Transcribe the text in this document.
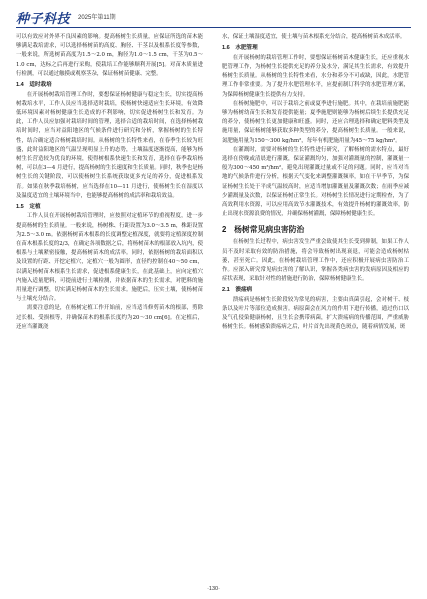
种子科技 2025年第11期
可以有效应对外界不良因素的影响。提高杨树生长质量，应保证所选的苗木能够满足栽培需求，可以选择杨树苗的高度、胸径、干茎以及根系长度等参数，一般来说，所选树苗高度为1.5～2.0 m，胸径为1.0～1.5 cm，干茎为0.5～1.0 cm，达标之后再进行采购，使栽培工作能够顺利开展[5]。对苗木质量进行检测，可以通过触摸或观察茎杂，保证杨树苗健康、完整。
1.4　适时栽培
在开展杨树栽培管理工作时，要想保证杨树健康与稳定生长，切实提高杨树栽培水平，工作人员应当选择适时栽培，使杨树快速适应生长环境，有效降低环境因素对杨树健康生长造成的不利影响，切实促进杨树生长和发育。为此，工作人员应加强对栽培时间的管理，选择合适的栽培时间，在选择杨树栽培时间时，应当对益阳地区的气候条件进行研究和分析，掌握杨树的生长特性，结合确定适合杨树栽培时间。从杨树的生长特性来看，在春季生长较为旺盛，此时益阳地区的气温呈现明显上升的态势，土壤温度逐渐提高，能够为杨树生长营造较为优良的环境，使得树根系快速生长和发育，选择在春季栽培杨树，可以在3—4 月进行，提高杨树的生长速度和生长质量。同时，秋季也是杨树生长的关键阶段，可以使杨树生长系统获取更多充足的养分，促进根系发育。如果在秋季栽培杨树，应当选择在10—11 月进行，使杨树生长在湿度以及温度适宜的土壤环境当中，也能够提高杨树的成活率和栽培效益。
1.5　定植
工作人员在开展杨树栽培管理时，应按照对定植环节的重视程度，进一步提高杨树的生长质量。一般来说，杨树株、行距设置为3.0～3.5 m，株距设置为2.5～3.0 m。依据杨树苗木根系的长度调整定植深度，就要将定植深度控制在苗木根系长度的2/3，在确定各项数据之后，将杨树苗木的根部放入坑内，使根系与土壤紧密接触，提高杨树苗木的成活率。同时，依据杨树的栽培面积以及设置的行距、开挖定植穴，定植穴一般为圆形，直径约控制在40～50 cm，以满足杨树苗木根系生长需求，促进根系健康生长，在此基础上，应向定植穴内施入适量肥料，可提前进行土壤检测，并依据苗木的生长需求，对肥料的施用量进行调整，切实满足杨树苗木的生长需求。施肥后，压实土壤，使杨树苗与土壤充分结合。
需要注意的是，在杨树定植工作开始前，应当适当修剪苗木的根部，剪除过长根、受损根等，并确保苗木的根系长度约为20～30 cm[6]。在定植后，还应当灌溉浇
水，保证土壤湿度适宜，使土壤与苗木根系充分结合，提高杨树苗木成活率。
1.6　水肥管理
在开展杨树的栽培管理工作时，要想保证杨树苗木健康生长，还应重视水肥管理工作，为杨树生长提供充足的养分及水分，满足其生长需求，有效提升杨树生长质量。从杨树的生长特性来看，水分和养分不可或缺，因此，水肥管理工作非常重要。为了提升水肥管理水平，应提前制订科学的水肥管理方案，为保障杨树健康生长提供有力支持。
在杨树施肥中，可以于栽培之前或夏季进行施肥。其中，在栽培前施肥能够为杨树幼苗生长和发育提供能量；夏季施肥则能够为杨树后续生长提供充足的养分，使杨树生长更加健康和旺盛。同时，还应合理选择和确定肥料类型及施用量，保证杨树能够获取多种类型的养分，提高杨树生长质量。一般来说，氮肥施用量为150～300 kg/hm²，每年有机肥施用量为45～75 kg/hm²。
在灌溉时，需要对杨树的生长特性进行研究，了解杨树的需水特点，最好选择在傍晚或清晨进行灌溉，保证灌溉均匀，加强对灌溉量的控制，灌溉量一般为300～450 m³/hm²，避免出现灌溉过量或不足的问题。同时，应当对当地的气候条件进行分析，根据天气变化来调整灌溉频率，如在干旱季节，为保证杨树生长处于平成气温较高时，应适当增加灌溉量及灌溉次数；在雨季应减少灌溉量及次数，以保证杨树正常生长。对杨树生长情况进行定期检查，为了高效利用水资源，可以应用高效节水灌溉技术，有效提升杨树的灌溉效率，防止出现水资源浪费的情况，并确保杨树灌溉，保障杨树健康生长。
2　杨树常见病虫害防治
在杨树生长过程中，病虫害发生严重会致使其生长受到抑制，如果工作人员不及时采取有效的防治措施，将会导致杨树出现衰退，可能会造成杨树枯萎，甚至死亡。因此，在杨树栽培管理工作中，还应积极开展病虫害防治工作。应深入研究常见病虫害的了解认识，掌握各类病虫害的发病原因及相应的症状表现，采取针对性的措施进行防治，保障杨树健康生长。
2.1　溃疡病
溃疡病是杨树生长阶段较为常见的病害，主要由真菌引起，会对树干、枝条以及叶片等部位造成损害。病原菌会在风力的作用下进行传播，通过伤口以及气孔侵染健康杨树，且生长会携带病菌，扩大溃疡病的传播范围，严重威胁杨树生长。杨树感染溃疡病之后，叶片首先出现黄色斑点，随着病情发展，斑
·130·
